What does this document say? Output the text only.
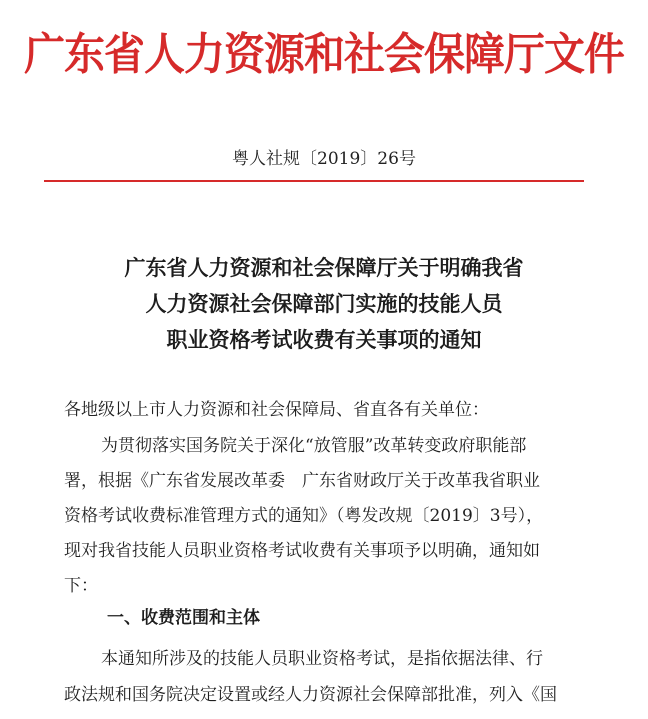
广东省人力资源和社会保障厅文件
粤人社规〔2019〕26号
广东省人力资源和社会保障厅关于明确我省
人力资源社会保障部门实施的技能人员
职业资格考试收费有关事项的通知
各地级以上市人力资源和社会保障局、省直各有关单位：
为贯彻落实国务院关于深化“放管服”改革转变政府职能部
署，根据《广东省发展改革委　广东省财政厅关于改革我省职业
资格考试收费标准管理方式的通知》（粤发改规〔2019〕3号），
现对我省技能人员职业资格考试收费有关事项予以明确，通知如
下：
一、收费范围和主体
本通知所涉及的技能人员职业资格考试，是指依据法律、行
政法规和国务院决定设置或经人力资源社会保障部批准，列入《国
